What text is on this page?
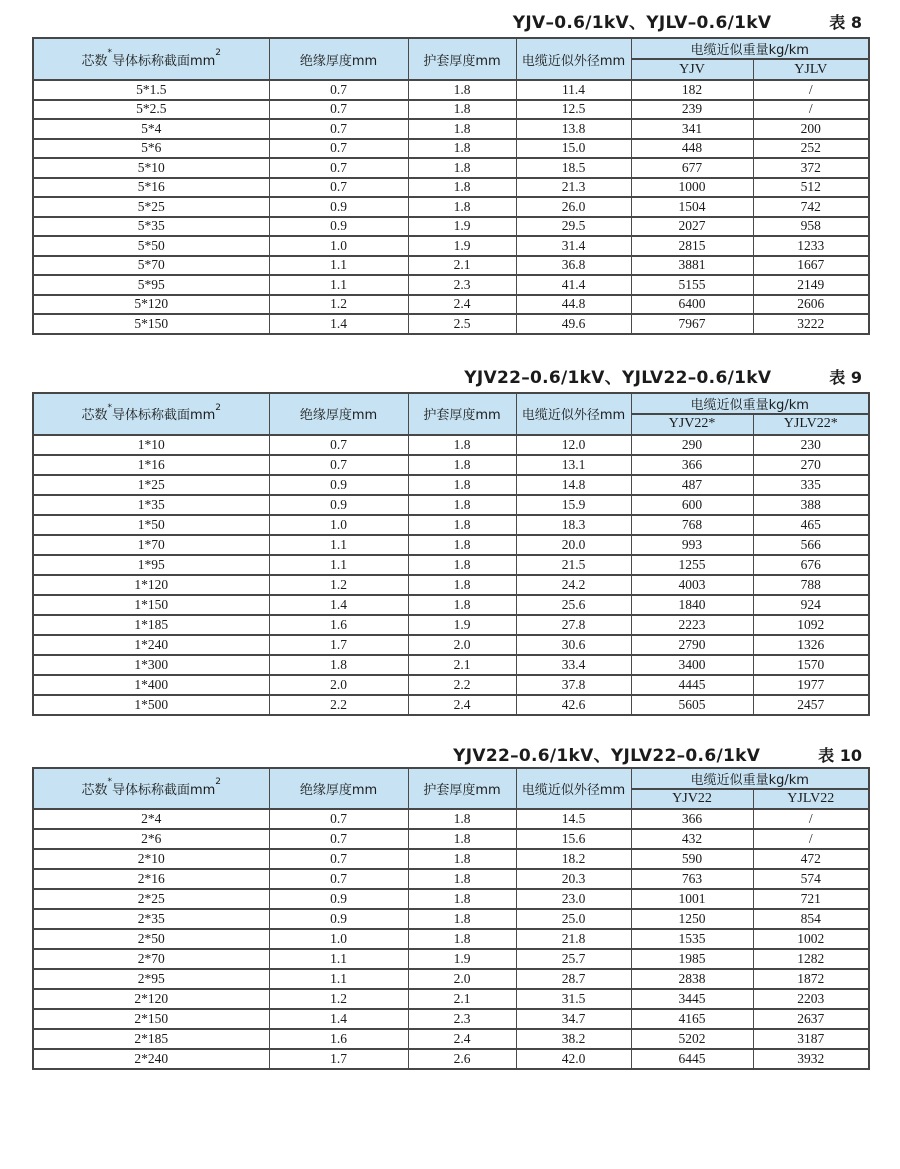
YJV–0.6/1kV、YJLV–0.6/1kV	表 8
芯数*导体标称截面$mm^2$	绝缘厚度mm	护套厚度mm	电缆近似外径mm	电缆近似重量kg/km	
				YJV	YJLV
5*1.5	0.7	1.8	11.4	182	/
5*2.5	0.7	1.8	12.5	239	/
5*4	0.7	1.8	13.8	341	200
5*6	0.7	1.8	15.0	448	252
5*10	0.7	1.8	18.5	677	372
5*16	0.7	1.8	21.3	1000	512
5*25	0.9	1.8	26.0	1504	742
5*35	0.9	1.9	29.5	2027	958
5*50	1.0	1.9	31.4	2815	1233
5*70	1.1	2.1	36.8	3881	1667
5*95	1.1	2.3	41.4	5155	2149
5*120	1.2	2.4	44.8	6400	2606
5*150	1.4	2.5	49.6	7967	3222
YJV22–0.6/1kV、YJLV22–0.6/1kV	表 9
芯数*导体标称截面$mm^2$	绝缘厚度mm	护套厚度mm	电缆近似外径mm	电缆近似重量kg/km	
				YJV22*	YJLV22*
1*10	0.7	1.8	12.0	290	230
1*16	0.7	1.8	13.1	366	270
1*25	0.9	1.8	14.8	487	335
1*35	0.9	1.8	15.9	600	388
1*50	1.0	1.8	18.3	768	465
1*70	1.1	1.8	20.0	993	566
1*95	1.1	1.8	21.5	1255	676
1*120	1.2	1.8	24.2	4003	788
1*150	1.4	1.8	25.6	1840	924
1*185	1.6	1.9	27.8	2223	1092
1*240	1.7	2.0	30.6	2790	1326
1*300	1.8	2.1	33.4	3400	1570
1*400	2.0	2.2	37.8	4445	1977
1*500	2.2	2.4	42.6	5605	2457
YJV22–0.6/1kV、YJLV22–0.6/1kV	表 10
芯数*导体标称截面$mm^2$	绝缘厚度mm	护套厚度mm	电缆近似外径mm	电缆近似重量kg/km	
				YJV22	YJLV22
2*4	0.7	1.8	14.5	366	/
2*6	0.7	1.8	15.6	432	/
2*10	0.7	1.8	18.2	590	472
2*16	0.7	1.8	20.3	763	574
2*25	0.9	1.8	23.0	1001	721
2*35	0.9	1.8	25.0	1250	854
2*50	1.0	1.8	21.8	1535	1002
2*70	1.1	1.9	25.7	1985	1282
2*95	1.1	2.0	28.7	2838	1872
2*120	1.2	2.1	31.5	3445	2203
2*150	1.4	2.3	34.7	4165	2637
2*185	1.6	2.4	38.2	5202	3187
2*240	1.7	2.6	42.0	6445	3932
